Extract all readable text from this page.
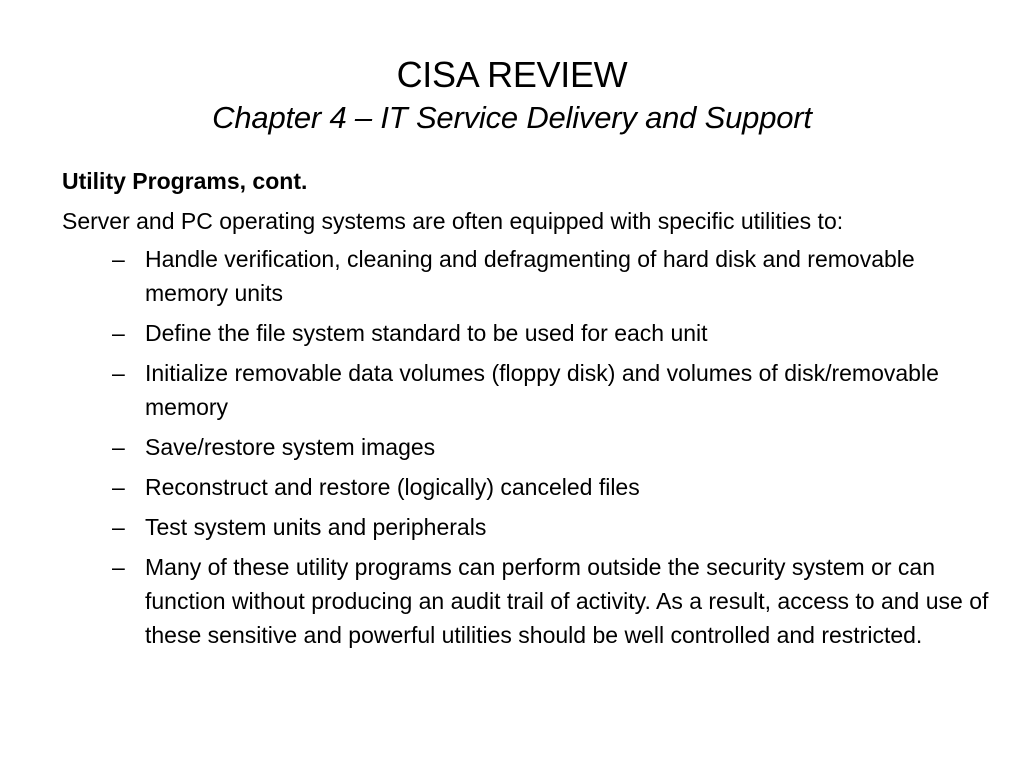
CISA REVIEW
Chapter 4 – IT Service Delivery and Support
Utility Programs, cont.
Server and PC operating systems are often equipped with specific utilities to:
– Handle verification, cleaning and defragmenting of hard disk and removable memory units
– Define the file system standard to be used for each unit
– Initialize removable data volumes (floppy disk) and volumes of disk/removable memory
– Save/restore system images
– Reconstruct and restore (logically) canceled files
– Test system units and peripherals
– Many of these utility programs can perform outside the security system or can function without producing an audit trail of activity. As a result, access to and use of these sensitive and powerful utilities should be well controlled and restricted.
